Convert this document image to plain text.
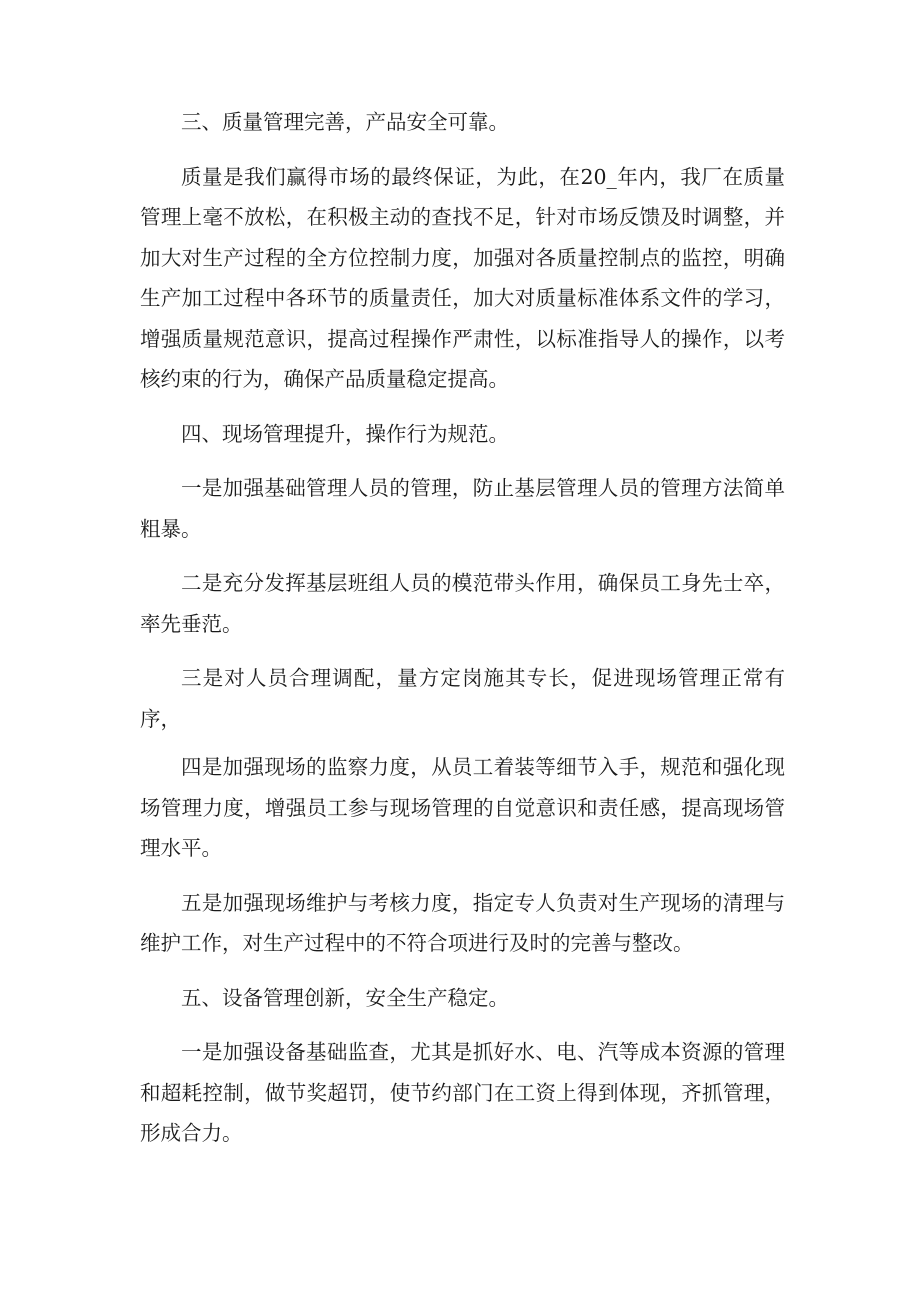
三、质量管理完善，产品安全可靠。

质量是我们赢得市场的最终保证，为此，在20_年内，我厂在质量管理上毫不放松，在积极主动的查找不足，针对市场反馈及时调整，并加大对生产过程的全方位控制力度，加强对各质量控制点的监控，明确生产加工过程中各环节的质量责任，加大对质量标准体系文件的学习，增强质量规范意识，提高过程操作严肃性，以标准指导人的操作，以考核约束的行为，确保产品质量稳定提高。

四、现场管理提升，操作行为规范。

一是加强基础管理人员的管理，防止基层管理人员的管理方法简单粗暴。

二是充分发挥基层班组人员的模范带头作用，确保员工身先士卒，率先垂范。

三是对人员合理调配，量方定岗施其专长，促进现场管理正常有序，

四是加强现场的监察力度，从员工着装等细节入手，规范和强化现场管理力度，增强员工参与现场管理的自觉意识和责任感，提高现场管理水平。

五是加强现场维护与考核力度，指定专人负责对生产现场的清理与维护工作，对生产过程中的不符合项进行及时的完善与整改。

五、设备管理创新，安全生产稳定。

一是加强设备基础监查，尤其是抓好水、电、汽等成本资源的管理和超耗控制，做节奖超罚，使节约部门在工资上得到体现，齐抓管理，形成合力。
